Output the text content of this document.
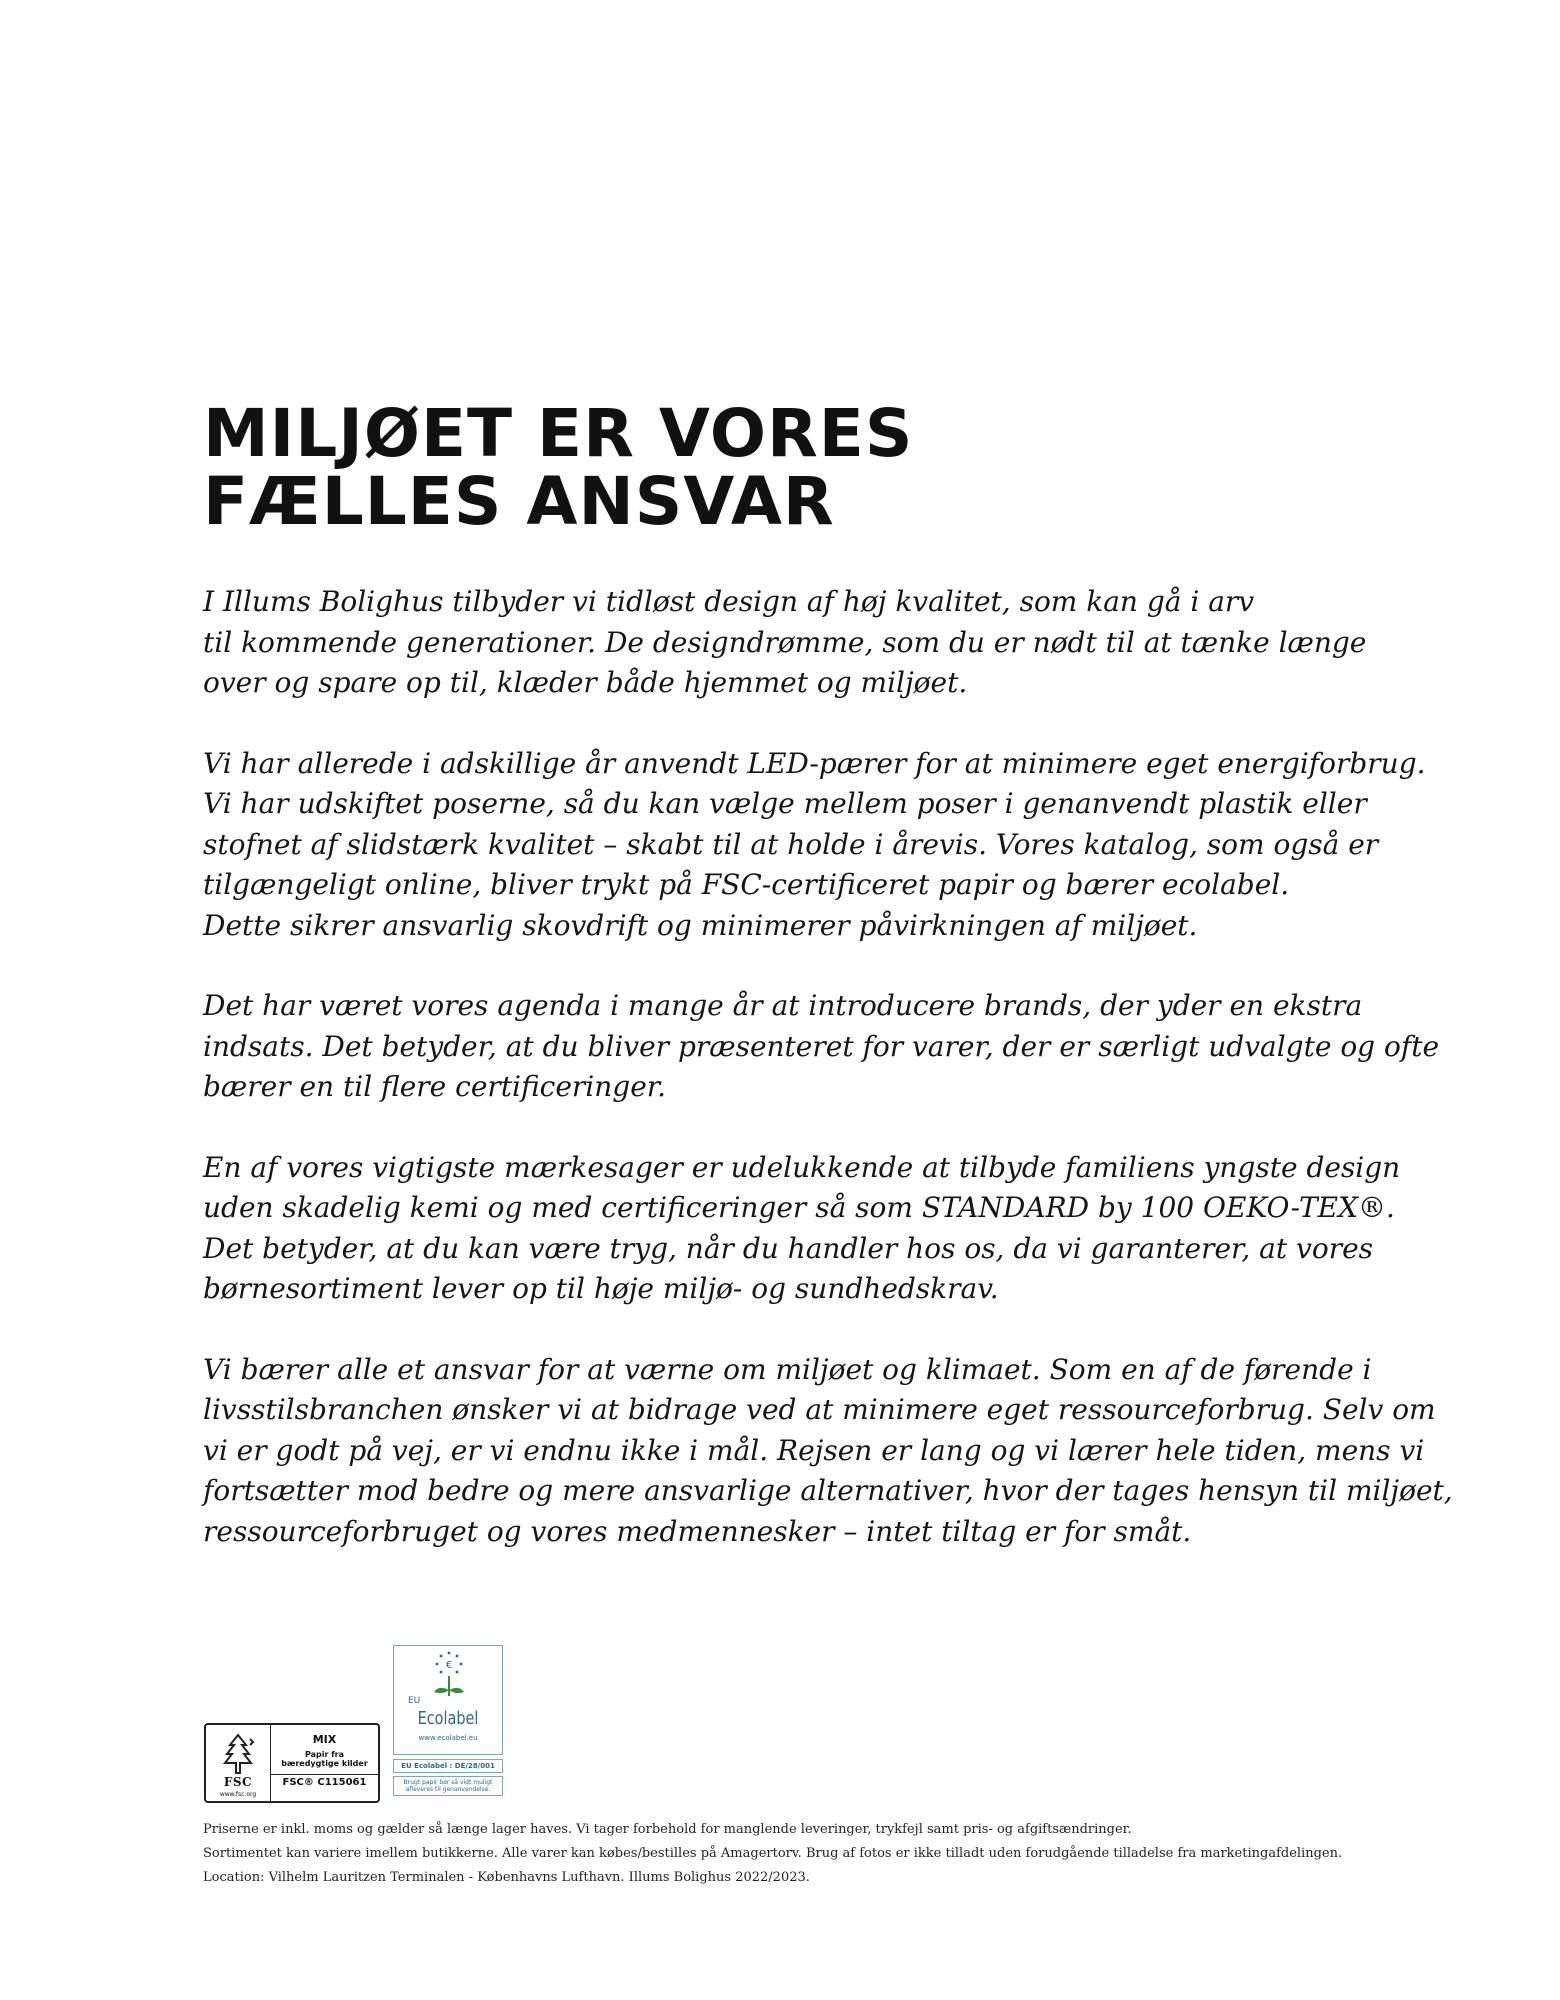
MILJØET ER VORES
FÆLLES ANSVAR

I Illums Bolighus tilbyder vi tidløst design af høj kvalitet, som kan gå i arv
til kommende generationer. De designdrømme, som du er nødt til at tænke længe
over og spare op til, klæder både hjemmet og miljøet.

Vi har allerede i adskillige år anvendt LED-pærer for at minimere eget energiforbrug.
Vi har udskiftet poserne, så du kan vælge mellem poser i genanvendt plastik eller
stofnet af slidstærk kvalitet – skabt til at holde i årevis. Vores katalog, som også er
tilgængeligt online, bliver trykt på FSC-certificeret papir og bærer ecolabel.
Dette sikrer ansvarlig skovdrift og minimerer påvirkningen af miljøet.

Det har været vores agenda i mange år at introducere brands, der yder en ekstra
indsats. Det betyder, at du bliver præsenteret for varer, der er særligt udvalgte og ofte
bærer en til flere certificeringer.

En af vores vigtigste mærkesager er udelukkende at tilbyde familiens yngste design
uden skadelig kemi og med certificeringer så som STANDARD by 100 OEKO-TEX®.
Det betyder, at du kan være tryg, når du handler hos os, da vi garanterer, at vores
børnesortiment lever op til høje miljø- og sundhedskrav.

Vi bærer alle et ansvar for at værne om miljøet og klimaet. Som en af de førende i
livsstilsbranchen ønsker vi at bidrage ved at minimere eget ressourceforbrug. Selv om
vi er godt på vej, er vi endnu ikke i mål. Rejsen er lang og vi lærer hele tiden, mens vi
fortsætter mod bedre og mere ansvarlige alternativer, hvor der tages hensyn til miljøet,
ressourceforbruget og vores medmennesker – intet tiltag er for småt.

FSC
www.fsc.org
MIX
Papir fra
bæredygtige kilder
FSC® C115061
€
EU
Ecolabel
www.ecolabel.eu
EU Ecolabel : DE/28/001
Brugt papir bør så vidt muligt
afleveres til genanvendelse.
Priserne er inkl. moms og gælder så længe lager haves. Vi tager forbehold for manglende leveringer, trykfejl samt pris- og afgiftsændringer.
Sortimentet kan variere imellem butikkerne. Alle varer kan købes/bestilles på Amagertorv. Brug af fotos er ikke tilladt uden forudgående tilladelse fra marketingafdelingen.
Location: Vilhelm Lauritzen Terminalen - Københavns Lufthavn. Illums Bolighus 2022/2023.
